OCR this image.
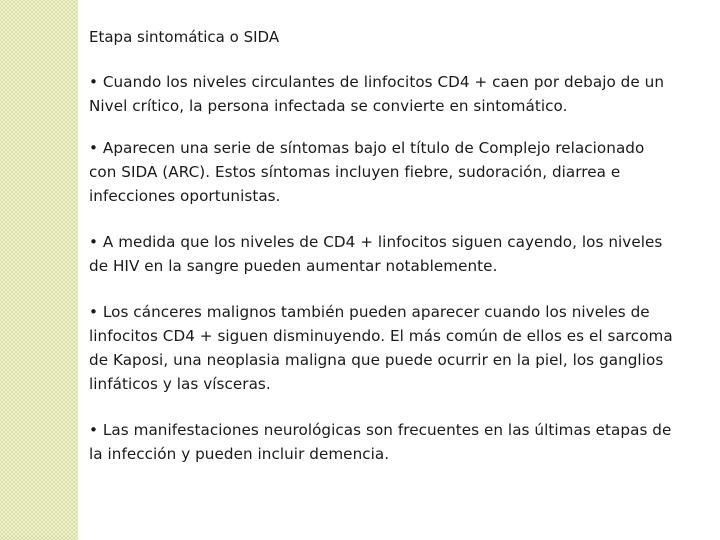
Etapa sintomática o SIDA

• Cuando los niveles circulantes de linfocitos CD4 + caen por debajo de un
Nivel crítico, la persona infectada se convierte en sintomático.

• Aparecen una serie de síntomas bajo el título de Complejo relacionado
con SIDA (ARC). Estos síntomas incluyen fiebre, sudoración, diarrea e
infecciones oportunistas.

• A medida que los niveles de CD4 + linfocitos siguen cayendo, los niveles
de HIV en la sangre pueden aumentar notablemente.

• Los cánceres malignos también pueden aparecer cuando los niveles de
linfocitos CD4 + siguen disminuyendo. El más común de ellos es el sarcoma
de Kaposi, una neoplasia maligna que puede ocurrir en la piel, los ganglios
linfáticos y las vísceras.

• Las manifestaciones neurológicas son frecuentes en las últimas etapas de
la infección y pueden incluir demencia.
